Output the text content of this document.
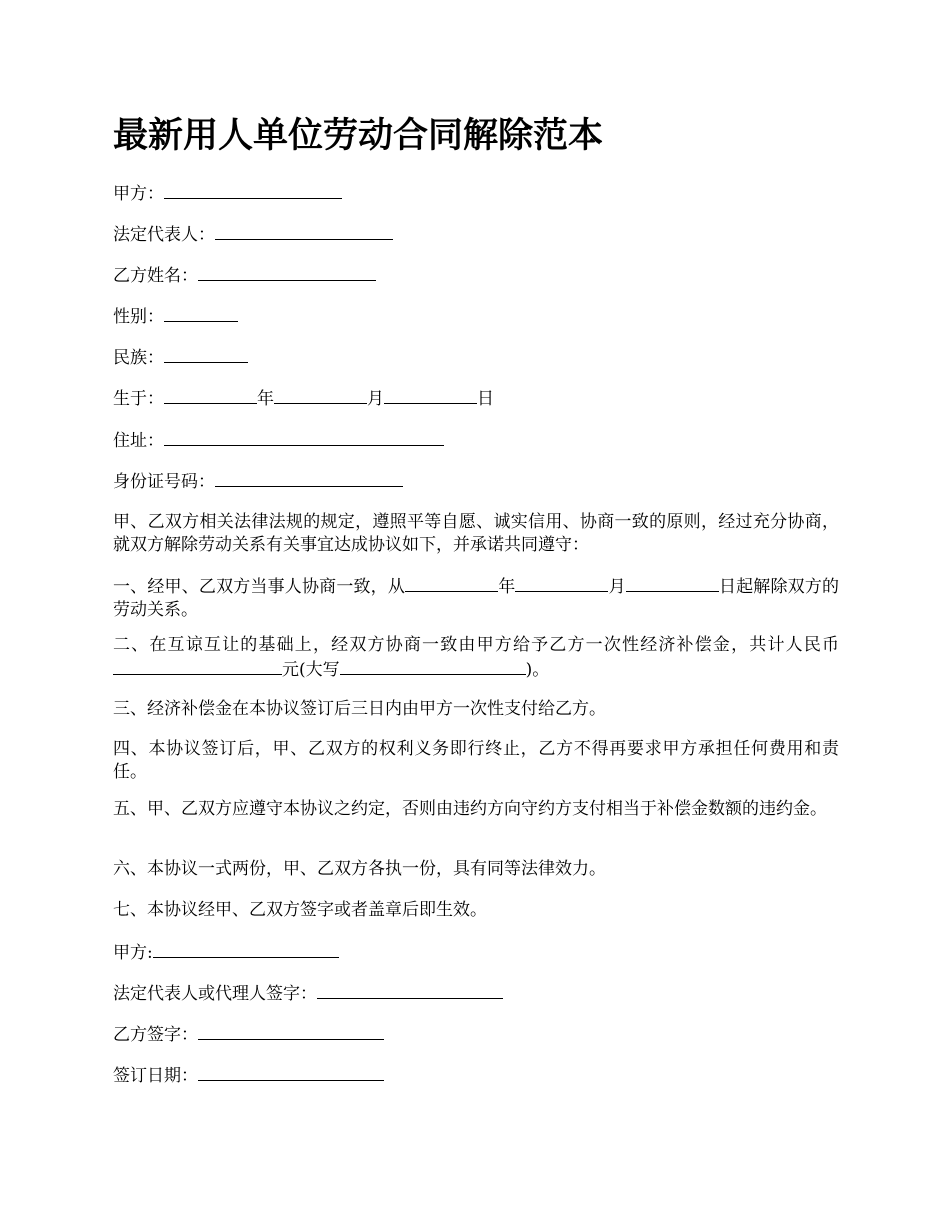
最新用人单位劳动合同解除范本

甲方：

法定代表人：

乙方姓名：

性别：

民族：

生于：	年	月	日

住址：

身份证号码：

甲、乙双方相关法律法规的规定，遵照平等自愿、诚实信用、协商一致的原则，经过充分协商，就双方解除劳动关系有关事宜达成协议如下，并承诺共同遵守：

一、经甲、乙双方当事人协商一致，从	年	月	日起解除双方的劳动关系。

二、在互谅互让的基础上，经双方协商一致由甲方给予乙方一次性经济补偿金，共计人民币元(大写	)。

三、经济补偿金在本协议签订后三日内由甲方一次性支付给乙方。

四、本协议签订后，甲、乙双方的权利义务即行终止，乙方不得再要求甲方承担任何费用和责任。

五、甲、乙双方应遵守本协议之约定，否则由违约方向守约方支付相当于补偿金数额的违约金。

六、本协议一式两份，甲、乙双方各执一份，具有同等法律效力。

七、本协议经甲、乙双方签字或者盖章后即生效。

甲方:

法定代表人或代理人签字：

乙方签字：

签订日期：
